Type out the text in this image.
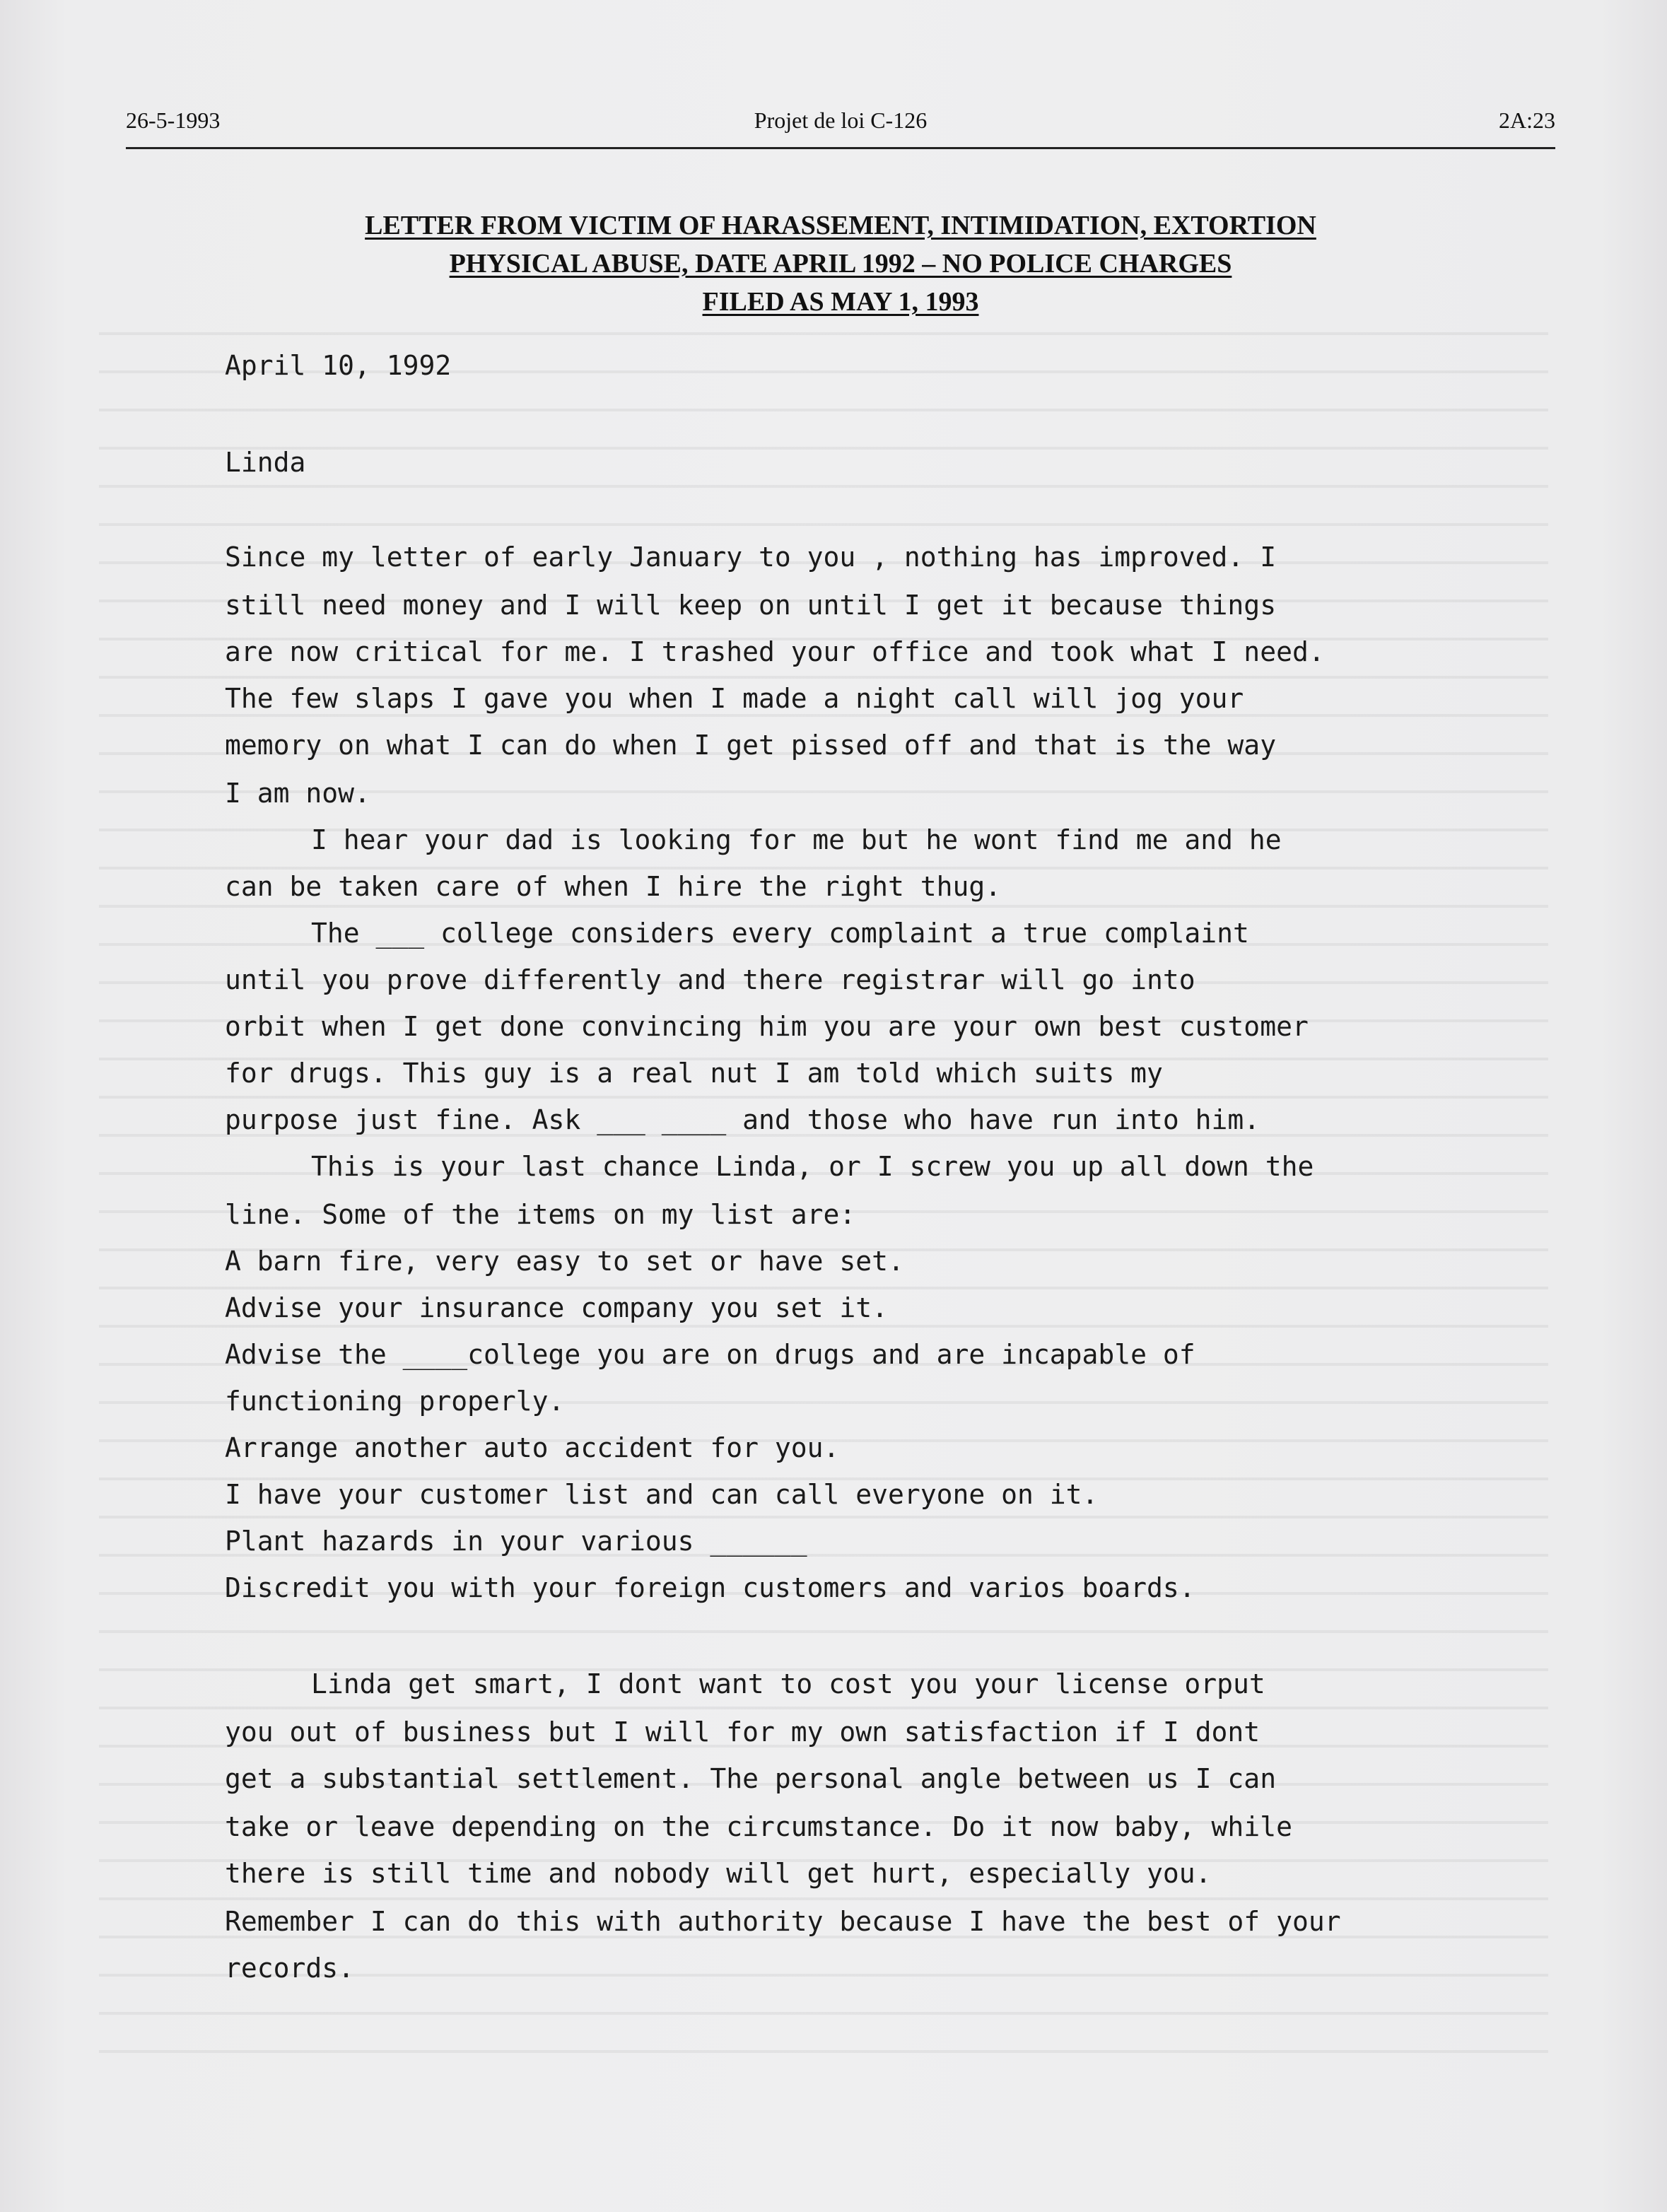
26-5-1993	Projet de loi C-126	2A:23
LETTER FROM VICTIM OF HARASSEMENT, INTIMIDATION, EXTORTION
PHYSICAL ABUSE, DATE APRIL 1992 – NO POLICE CHARGES
FILED AS MAY 1, 1993
April 10, 1992
Linda
Since my letter of early January to you , nothing has improved. I
still need money and I will keep on until I get it because things
are now critical for me. I trashed your office and took what I need.
The few slaps I gave you when I made a night call will jog your
memory on what I can do when I get pissed off and that is the way
I am now.
I hear your dad is looking for me but he wont find me and he
can be taken care of when I hire the right thug.
The ___ college considers every complaint a true complaint
until you prove differently and there registrar will go into
orbit when I get done convincing him you are your own best customer
for drugs. This guy is a real nut I am told which suits my
purpose just fine. Ask ___ ____ and those who have run into him.
This is your last chance Linda, or I screw you up all down the
line. Some of the items on my list are:
A barn fire, very easy to set or have set.
Advise your insurance company you set it.
Advise the ____college you are on drugs and are incapable of
functioning properly.
Arrange another auto accident for you.
I have your customer list and can call everyone on it.
Plant hazards in your various ______
Discredit you with your foreign customers and varios boards.
Linda get smart, I dont want to cost you your license orput
you out of business but I will for my own satisfaction if I dont
get a substantial settlement. The personal angle between us I can
take or leave depending on the circumstance. Do it now baby, while
there is still time and nobody will get hurt, especially you.
Remember I can do this with authority because I have the best of your
records.
